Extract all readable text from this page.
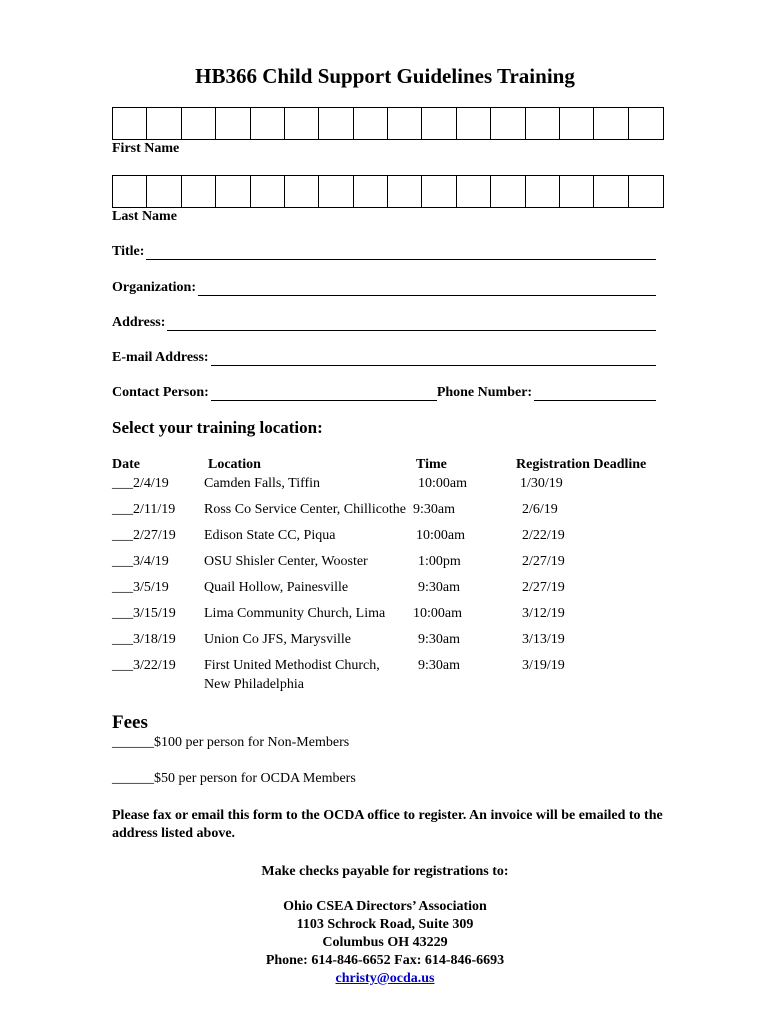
HB366 Child Support Guidelines Training
First Name
Last Name
Title:
Organization:
Address:
E-mail Address:
Contact Person:	Phone Number:
Select your training location:
Date	Location	Time	Registration Deadline
___2/4/19	Camden Falls, Tiffin	10:00am	1/30/19
___2/11/19 Ross Co Service Center, Chillicothe 9:30am	2/6/19
___2/27/19 Edison State CC, Piqua	10:00am	2/22/19
___3/4/19	OSU Shisler Center, Wooster	1:00pm	2/27/19
___3/5/19	Quail Hollow, Painesville	9:30am	2/27/19
___3/15/19 Lima Community Church, Lima 10:00am	3/12/19
___3/18/19 Union Co JFS, Marysville	9:30am	3/13/19
___3/22/19 First United Methodist Church,
New Philadelphia
9:30am	3/19/19
Fees
______$100 per person for Non-Members
______$50 per person for OCDA Members
Please fax or email this form to the OCDA office to register. An invoice will be emailed to the address listed above.
Make checks payable for registrations to:
Ohio CSEA Directors’ Association
1103 Schrock Road, Suite 309
Columbus OH 43229
Phone: 614-846-6652 Fax: 614-846-6693
christy@ocda.us
